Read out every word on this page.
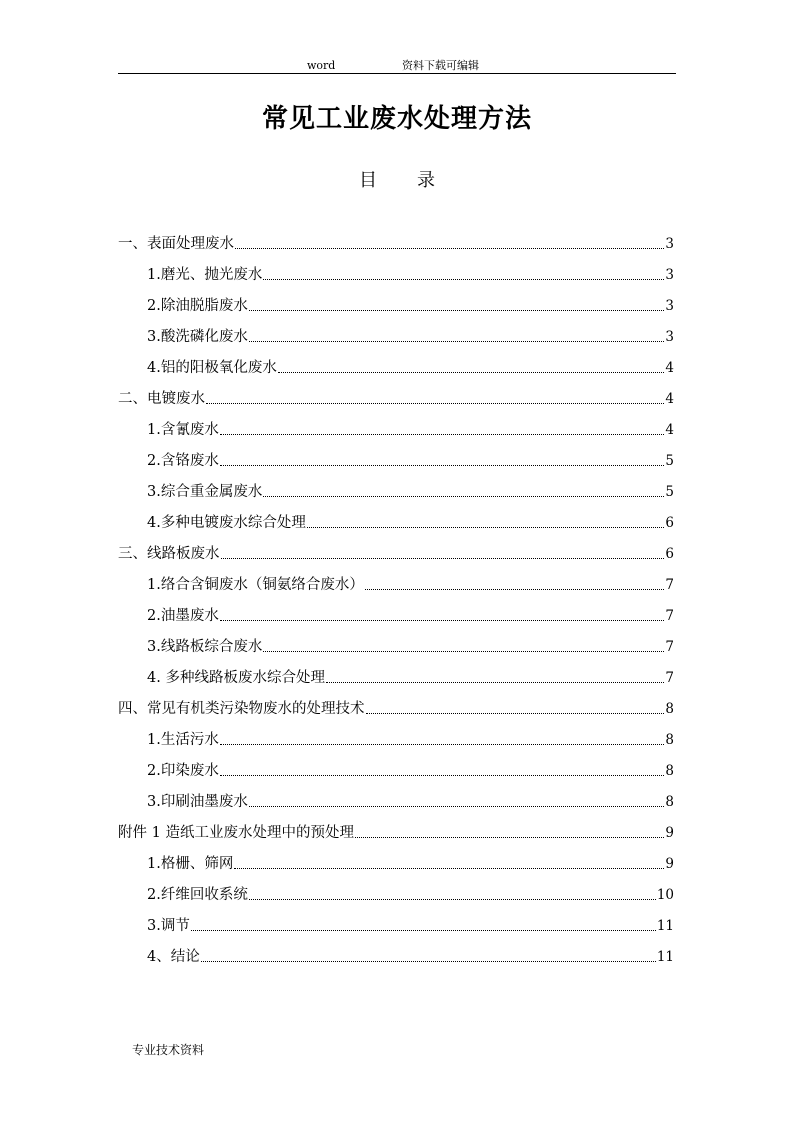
word	资料下载可编辑
常见工业废水处理方法
目 录
一、表面处理废水	3
1.磨光、抛光废水	3
2.除油脱脂废水	3
3.酸洗磷化废水	3
4.铝的阳极氧化废水	4
二、电镀废水	4
1.含氰废水	4
2.含铬废水	5
3.综合重金属废水	5
4.多种电镀废水综合处理	6
三、线路板废水	6
1.络合含铜废水（铜氨络合废水）	7
2.油墨废水	7
3.线路板综合废水	7
4. 多种线路板废水综合处理	7
四、常见有机类污染物废水的处理技术	8
1.生活污水	8
2.印染废水	8
3.印刷油墨废水	8
附件 1 造纸工业废水处理中的预处理	9
1.格栅、筛网	9
2.纤维回收系统	10
3.调节	11
4、结论	11
专业技术资料
